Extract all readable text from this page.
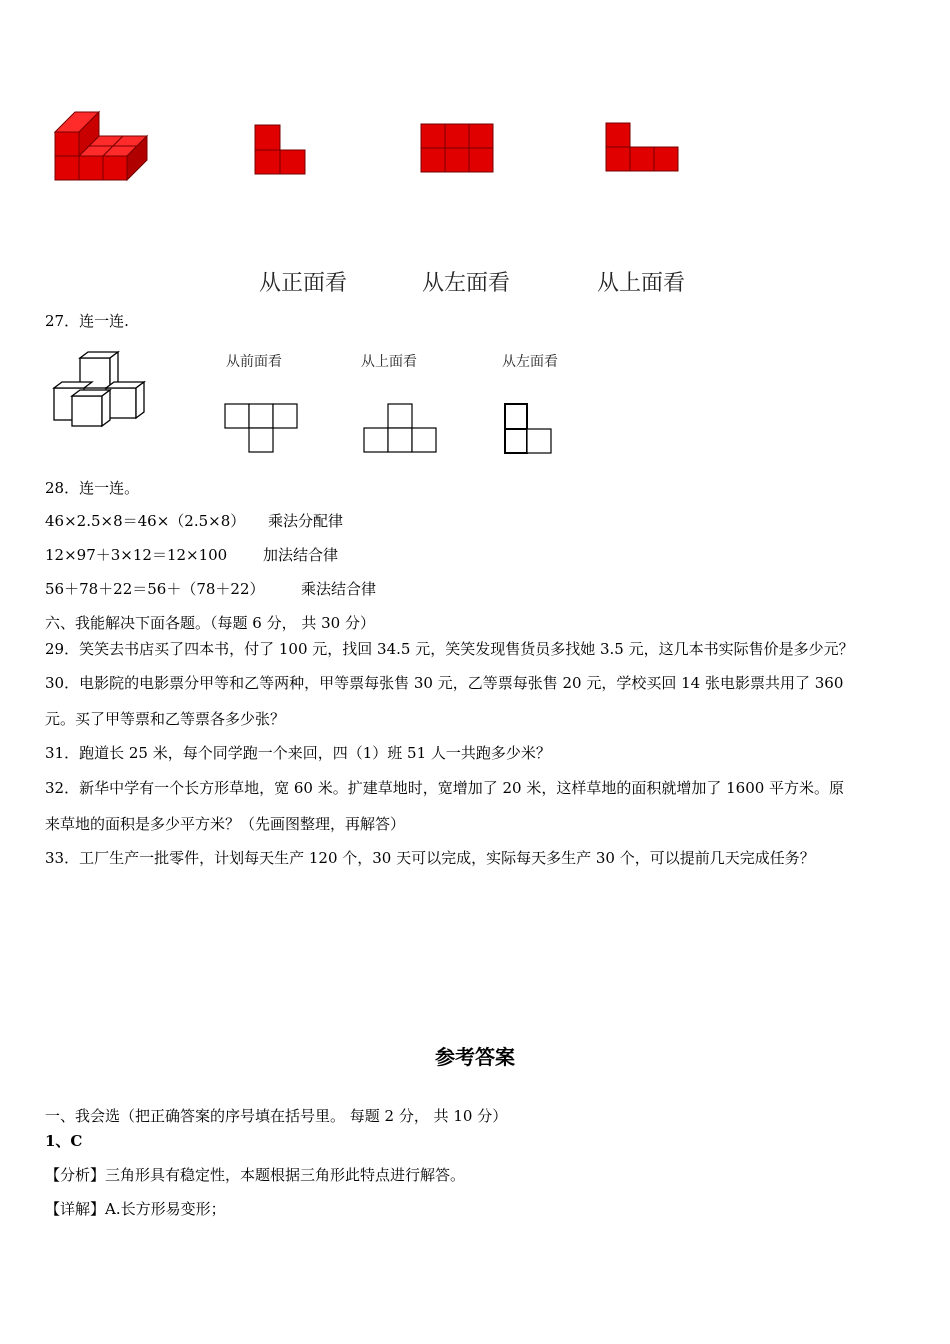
从正面看	从左面看	从上面看
27．连一连.
从前面看	从上面看	从左面看
28．连一连。
46×2.5×8＝46×（2.5×8） 乘法分配律
12×97＋3×12＝12×100 加法结合律
56＋78＋22＝56＋（78＋22） 乘法结合律
六、我能解决下面各题。（每题 6 分， 共 30 分）
29．笑笑去书店买了四本书，付了 100 元，找回 34.5 元，笑笑发现售货员多找她 3.5 元，这几本书实际售价是多少元？
30．电影院的电影票分甲等和乙等两种，甲等票每张售 30 元，乙等票每张售 20 元，学校买回 14 张电影票共用了 360
元。买了甲等票和乙等票各多少张？
31．跑道长 25 米，每个同学跑一个来回，四（1）班 51 人一共跑多少米？
32．新华中学有一个长方形草地，宽 60 米。扩建草地时，宽增加了 20 米，这样草地的面积就增加了 1600 平方米。原
来草地的面积是多少平方米？（先画图整理，再解答）
33．工厂生产一批零件，计划每天生产 120 个，30 天可以完成，实际每天多生产 30 个，可以提前几天完成任务？
参考答案
一、我会选（把正确答案的序号填在括号里。 每题 2 分， 共 10 分）
1、C
【分析】三角形具有稳定性，本题根据三角形此特点进行解答。
【详解】A.长方形易变形；
